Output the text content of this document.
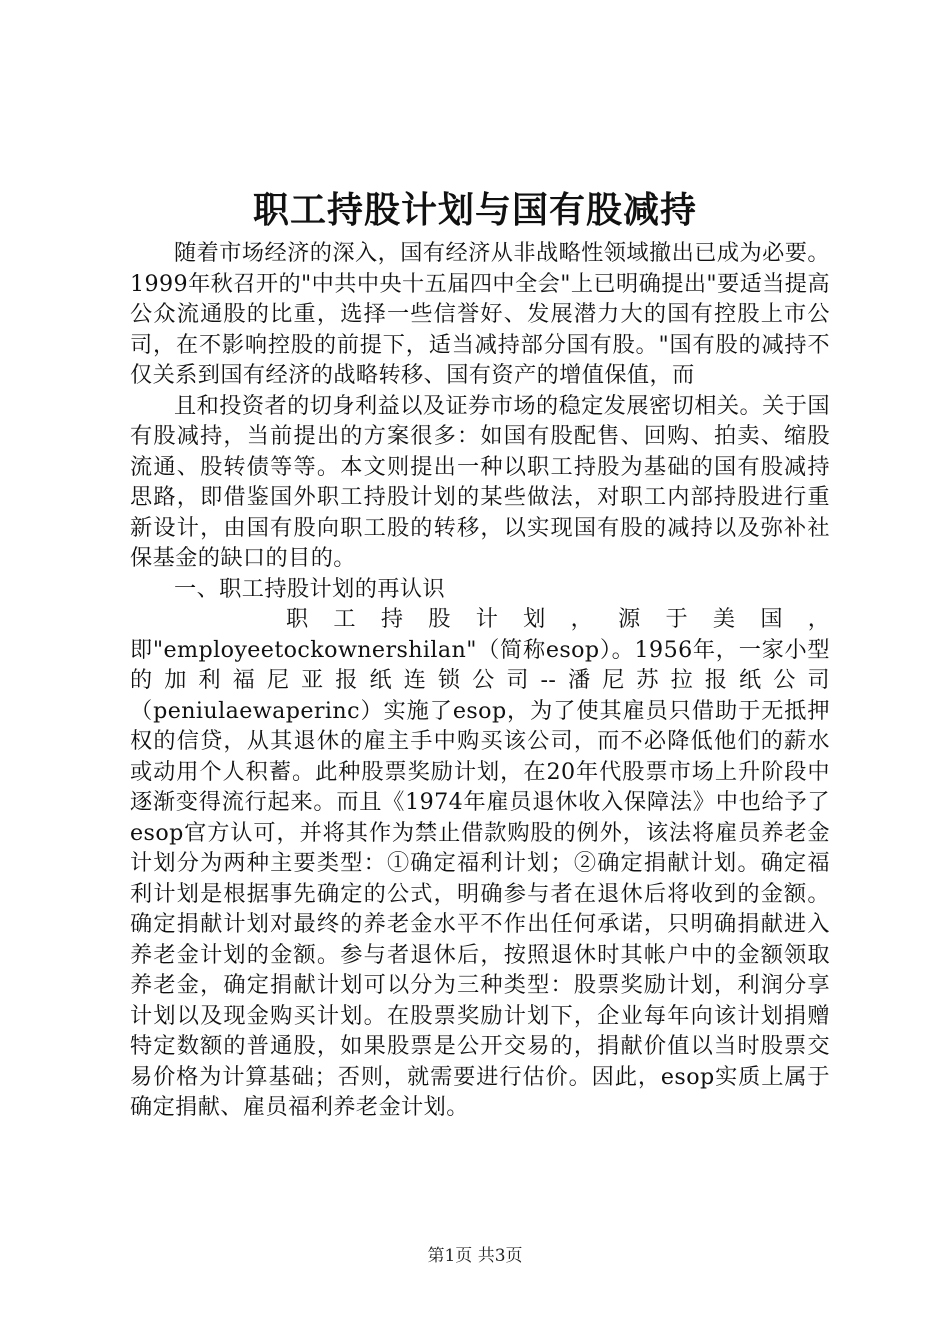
职工持股计划与国有股减持

随着市场经济的深入，国有经济从非战略性领域撤出已成为必要。1999年秋召开的"中共中央十五届四中全会"上已明确提出"要适当提高公众流通股的比重，选择一些信誉好、发展潜力大的国有控股上市公司，在不影响控股的前提下，适当减持部分国有股。"国有股的减持不仅关系到国有经济的战略转移、国有资产的增值保值，而

且和投资者的切身利益以及证券市场的稳定发展密切相关。关于国有股减持，当前提出的方案很多：如国有股配售、回购、拍卖、缩股流通、股转债等等。本文则提出一种以职工持股为基础的国有股减持思路，即借鉴国外职工持股计划的某些做法，对职工内部持股进行重新设计，由国有股向职工股的转移，以实现国有股的减持以及弥补社保基金的缺口的目的。

一、职工持股计划的再认识

职 工 持 股 计 划 ， 源 于 美 国 ，

即"employeetockownershilan"（简称esop）。1956年，一家小型的加利福尼亚报纸连锁公司--潘尼苏拉报纸公司（peniulaewaperinc）实施了esop，为了使其雇员只借助于无抵押权的信贷，从其退休的雇主手中购买该公司，而不必降低他们的薪水或动用个人积蓄。此种股票奖励计划，在20年代股票市场上升阶段中逐渐变得流行起来。而且《1974年雇员退休收入保障法》中也给予了esop官方认可，并将其作为禁止借款购股的例外，该法将雇员养老金计划分为两种主要类型：①确定福利计划；②确定捐献计划。确定福利计划是根据事先确定的公式，明确参与者在退休后将收到的金额。确定捐献计划对最终的养老金水平不作出任何承诺，只明确捐献进入养老金计划的金额。参与者退休后，按照退休时其帐户中的金额领取养老金，确定捐献计划可以分为三种类型：股票奖励计划，利润分享计划以及现金购买计划。在股票奖励计划下，企业每年向该计划捐赠特定数额的普通股，如果股票是公开交易的，捐献价值以当时股票交易价格为计算基础；否则，就需要进行估价。因此，esop实质上属于确定捐献、雇员福利养老金计划。

第1页 共3页
